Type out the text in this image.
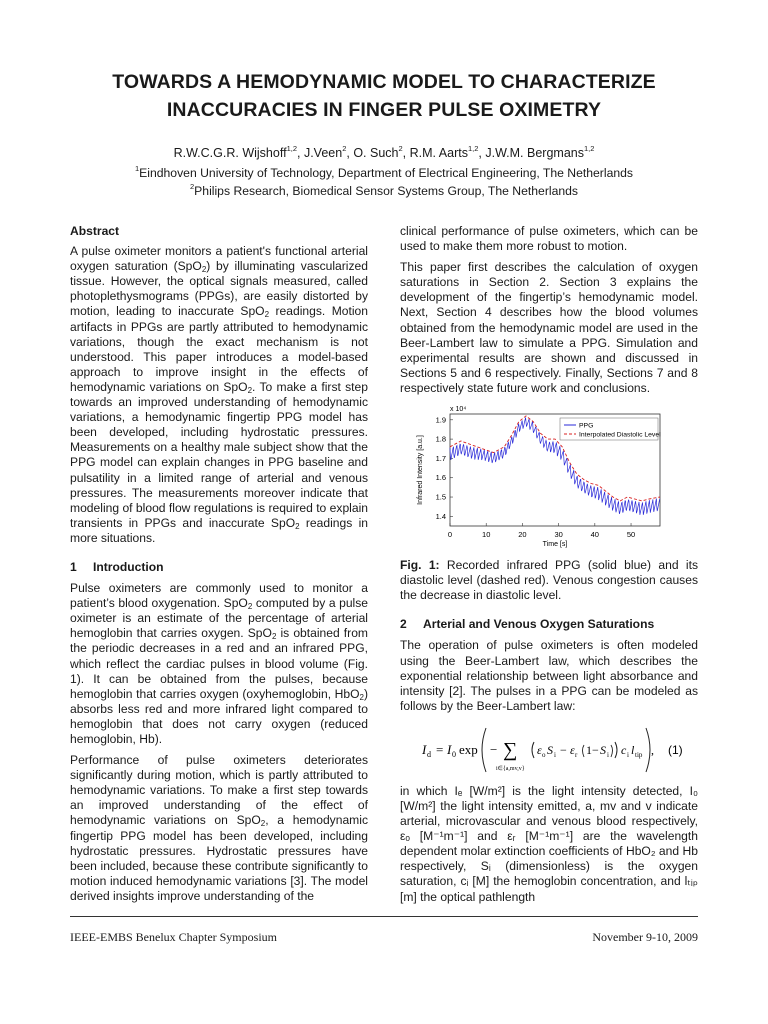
TOWARDS A HEMODYNAMIC MODEL TO CHARACTERIZE
INACCURACIES IN FINGER PULSE OXIMETRY
R.W.C.G.R. Wijshoff$^{1,2}$, J.Veen$^2$, O. Such$^2$, R.M. Aarts$^{1,2}$, J.W.M. Bergmans$^{1,2}$
$^1$Eindhoven University of Technology, Department of Electrical Engineering, The Netherlands
$^2$Philips Research, Biomedical Sensor Systems Group, The Netherlands
Abstract

A pulse oximeter monitors a patient's functional arterial oxygen saturation (SpO$_2$) by illuminating vascularized tissue. However, the optical signals measured, called photoplethysmograms (PPGs), are easily distorted by motion, leading to inaccurate SpO$_2$ readings. Motion artifacts in PPGs are partly attributed to hemodynamic variations, though the exact mechanism is not understood. This paper introduces a model-based approach to improve insight in the effects of hemodynamic variations on SpO$_2$. To make a first step towards an improved understanding of hemodynamic variations, a hemodynamic fingertip PPG model has been developed, including hydrostatic pressures. Measurements on a healthy male subject show that the PPG model can explain changes in PPG baseline and pulsatility in a limited range of arterial and venous pressures. The measurements moreover indicate that modeling of blood flow regulations is required to explain transients in PPGs and inaccurate SpO$_2$ readings in more situations.

1 Introduction

Pulse oximeters are commonly used to monitor a patient’s blood oxygenation. SpO$_2$ computed by a pulse oximeter is an estimate of the percentage of arterial hemoglobin that carries oxygen. SpO$_2$ is obtained from the periodic decreases in a red and an infrared PPG, which reflect the cardiac pulses in blood volume (Fig. 1). It can be obtained from the pulses, because hemoglobin that carries oxygen (oxyhemoglobin, HbO$_2$) absorbs less red and more infrared light compared to hemoglobin that does not carry oxygen (reduced hemoglobin, Hb).

Performance of pulse oximeters deteriorates significantly during motion, which is partly attributed to hemodynamic variations. To make a first step towards an improved understanding of the effect of hemodynamic variations on SpO$_2$, a hemodynamic fingertip PPG model has been developed, including hydrostatic pressures. Hydrostatic pressures have been included, because these contribute significantly to motion induced hemodynamic variations [3]. The model derived insights improve understanding of the

clinical performance of pulse oximeters, which can be used to make them more robust to motion.

This paper first describes the calculation of oxygen saturations in Section 2. Section 3 explains the development of the fingertip’s hemodynamic model. Next, Section 4 describes how the blood volumes obtained from the hemodynamic model are used in the Beer-Lambert law to simulate a PPG. Simulation and experimental results are shown and discussed in Sections 5 and 6 respectively. Finally, Sections 7 and 8 respectively state future work and conclusions.

0	10	20	30	40	50
1.4
1.5
1.6
1.7
1.8
1.9
x 10⁴
Time [s]
Infrared Intensity [a.u.]
PPG
Interpolated Diastolic Level

Fig. 1: Recorded infrared PPG (solid blue) and its diastolic level (dashed red). Venous congestion causes the decrease in diastolic level.

2 Arterial and Venous Oxygen Saturations

The operation of pulse oximeters is often modeled using the Beer-Lambert law, which describes the exponential relationship between light absorbance and intensity [2]. The pulses in a PPG can be modeled as follows by the Beer-Lambert law:

I d = I 0 exp − ∑
i∈{a,mv,v}
ε o S i − ε r 1− S i c i l tip , (1)

in which Iₑ [W/m²] is the light intensity detected, I₀ [W/m²] the light intensity emitted, a, mv and v indicate arterial, microvascular and venous blood respectively, εₒ [M⁻¹m⁻¹] and εᵣ [M⁻¹m⁻¹] are the wavelength dependent molar extinction coefficients of HbO₂ and Hb respectively, Sᵢ (dimensionless) is the oxygen saturation, cᵢ [M] the hemoglobin concentration, and lₜᵢₚ [m] the optical pathlength

IEEE-EMBS Benelux Chapter Symposium	November 9-10, 2009
